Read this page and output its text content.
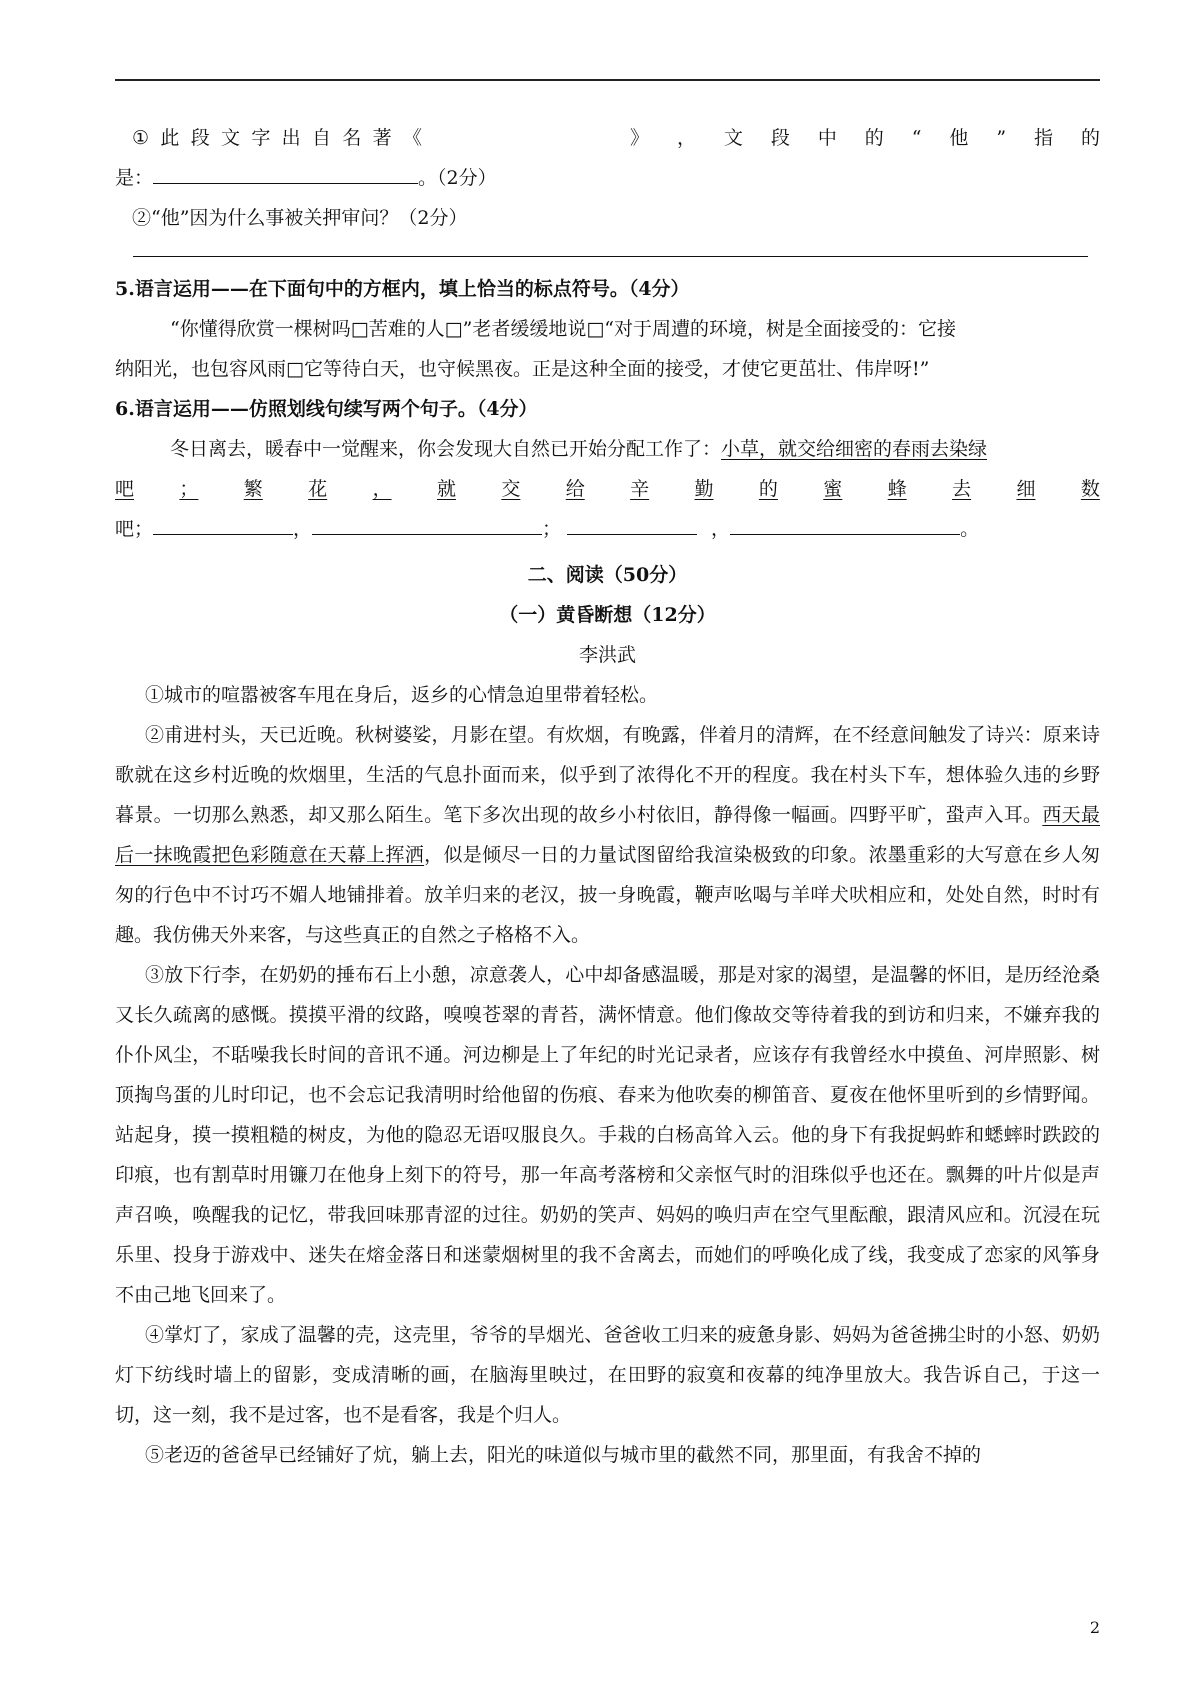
① 此 段 文 字 出 自 名 著 《	》 ， 文 段 中 的 “ 他 ” 指 的
是：	。（2分）
②“他”因为什么事被关押审问？（2分）
5.语言运用——在下面句中的方框内，填上恰当的标点符号。（4分）
“你懂得欣赏一棵树吗□苦难的人□”老者缓缓地说□“对于周遭的环境，树是全面接受的：它接
纳阳光，也包容风雨□它等待白天，也守候黑夜。正是这种全面的接受，才使它更茁壮、伟岸呀!”
6.语言运用——仿照划线句续写两个句子。（4分）
冬日离去，暖春中一觉醒来，你会发现大自然已开始分配工作了：小草，就交给细密的春雨去染绿
吧 ； 繁 花 ， 就 交 给 辛 勤 的 蜜 蜂 去 细 数
吧；	，	；	，	。
二、阅读（50分）
（一）黄昏断想（12分）
李洪武

①城市的喧嚣被客车甩在身后，返乡的心情急迫里带着轻松。

②甫进村头，天已近晚。秋树婆娑，月影在望。有炊烟，有晚露，伴着月的清辉，在不经意间触发了诗兴：原来诗歌就在这乡村近晚的炊烟里，生活的气息扑面而来，似乎到了浓得化不开的程度。我在村头下车，想体验久违的乡野暮景。一切那么熟悉，却又那么陌生。笔下多次出现的故乡小村依旧，静得像一幅画。四野平旷，蛩声入耳。西天最后一抹晚霞把色彩随意在天幕上挥洒，似是倾尽一日的力量试图留给我渲染极致的印象。浓墨重彩的大写意在乡人匆匆的行色中不讨巧不媚人地铺排着。放羊归来的老汉，披一身晚霞，鞭声吆喝与羊咩犬吠相应和，处处自然，时时有趣。我仿佛天外来客，与这些真正的自然之子格格不入。

③放下行李，在奶奶的捶布石上小憩，凉意袭人，心中却备感温暖，那是对家的渴望，是温馨的怀旧，是历经沧桑又长久疏离的感慨。摸摸平滑的纹路，嗅嗅苍翠的青苔，满怀情意。他们像故交等待着我的到访和归来，不嫌弃我的仆仆风尘，不聒噪我长时间的音讯不通。河边柳是上了年纪的时光记录者，应该存有我曾经水中摸鱼、河岸照影、树顶掏鸟蛋的儿时印记，也不会忘记我清明时给他留的伤痕、春来为他吹奏的柳笛音、夏夜在他怀里听到的乡情野闻。站起身，摸一摸粗糙的树皮，为他的隐忍无语叹服良久。手栽的白杨高耸入云。他的身下有我捉蚂蚱和蟋蟀时跌跤的印痕，也有割草时用镰刀在他身上刻下的符号，那一年高考落榜和父亲怄气时的泪珠似乎也还在。飘舞的叶片似是声声召唤，唤醒我的记忆，带我回味那青涩的过往。奶奶的笑声、妈妈的唤归声在空气里酝酿，跟清风应和。沉浸在玩乐里、投身于游戏中、迷失在熔金落日和迷蒙烟树里的我不舍离去，而她们的呼唤化成了线，我变成了恋家的风筝身不由己地飞回来了。

④掌灯了，家成了温馨的壳，这壳里，爷爷的旱烟光、爸爸收工归来的疲惫身影、妈妈为爸爸拂尘时的小怒、奶奶灯下纺线时墙上的留影，变成清晰的画，在脑海里映过，在田野的寂寞和夜幕的纯净里放大。我告诉自己，于这一切，这一刻，我不是过客，也不是看客，我是个归人。

⑤老迈的爸爸早已经铺好了炕，躺上去，阳光的味道似与城市里的截然不同，那里面，有我舍不掉的

2
